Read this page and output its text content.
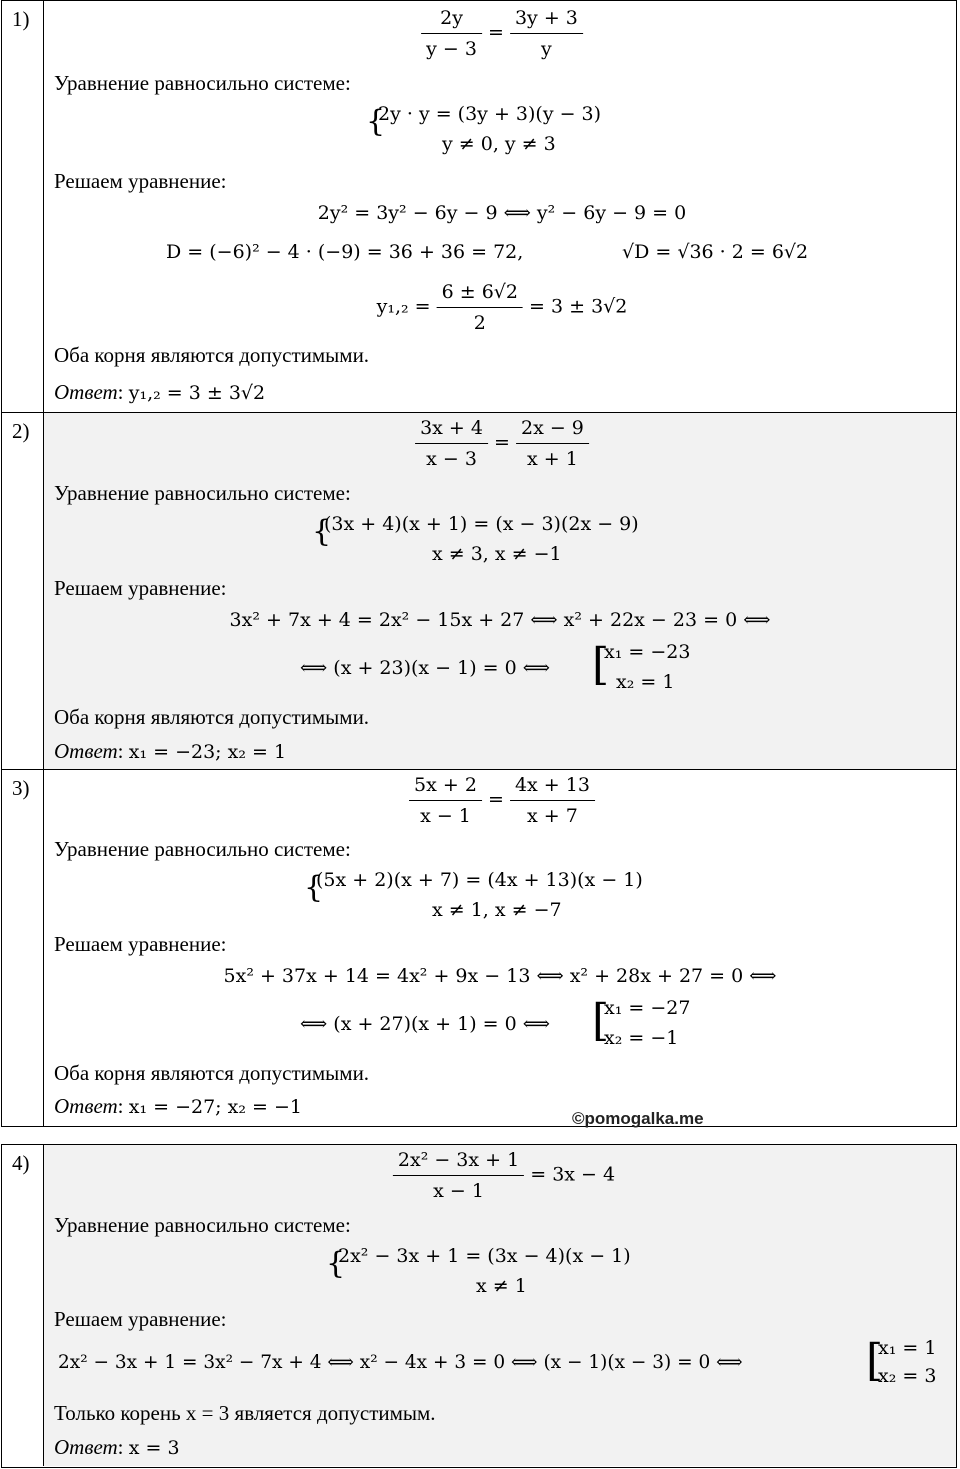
1)	$\frac{2y}{y - 3} = \frac{3y + 3}{y}$
Уравнение равносильно системе:
{
2y · y = (3y + 3)(y − 3)
y ≠ 0, y ≠ 3
Решаем уравнение:
2y² = 3y² − 6y − 9 ⟺ y² − 6y − 9 = 0
D = (−6)² − 4 · (−9) = 36 + 36 = 72,	√D = √36 · 2 = 6√2
$y_1,_2 = \frac{6 \pm 6√2}{2} = 3 \pm 3√2$
Оба корня являются допустимыми.
Ответ: y₁,₂ = 3 ± 3√2
2)	$\frac{3x + 4}{x - 3} = \frac{2x - 9}{x + 1}$
Уравнение равносильно системе:
{
(3x + 4)(x + 1) = (x − 3)(2x − 9)
x ≠ 3, x ≠ −1
Решаем уравнение:
3x² + 7x + 4 = 2x² − 15x + 27 ⟺ x² + 22x − 23 = 0 ⟺
⟺ (x + 23)(x − 1) = 0 ⟺ [
x₁ = −23
x₂ = 1
Оба корня являются допустимыми.
Ответ: x₁ = −23; x₂ = 1
3)	$\frac{5x + 2}{x - 1} = \frac{4x + 13}{x + 7}$
Уравнение равносильно системе:
{
(5x + 2)(x + 7) = (4x + 13)(x − 1)
x ≠ 1, x ≠ −7
Решаем уравнение:
5x² + 37x + 14 = 4x² + 9x − 13 ⟺ x² + 28x + 27 = 0 ⟺
⟺ (x + 27)(x + 1) = 0 ⟺ [
x₁ = −27
x₂ = −1
Оба корня являются допустимыми.
Ответ: x₁ = −27; x₂ = −1
©pomogalka.me
4)	$\frac{\text{2x² − 3x + 1}}{x - 1} = 3x - 4$
Уравнение равносильно системе:
{
2x² − 3x + 1 = (3x − 4)(x − 1)
x ≠ 1
Решаем уравнение:
2x² − 3x + 1 = 3x² − 7x + 4 ⟺ x² − 4x + 3 = 0 ⟺ (x − 1)(x − 3) = 0 ⟺	[
x₁ = 1
x₂ = 3
Только корень x = 3 является допустимым.
Ответ: x = 3
